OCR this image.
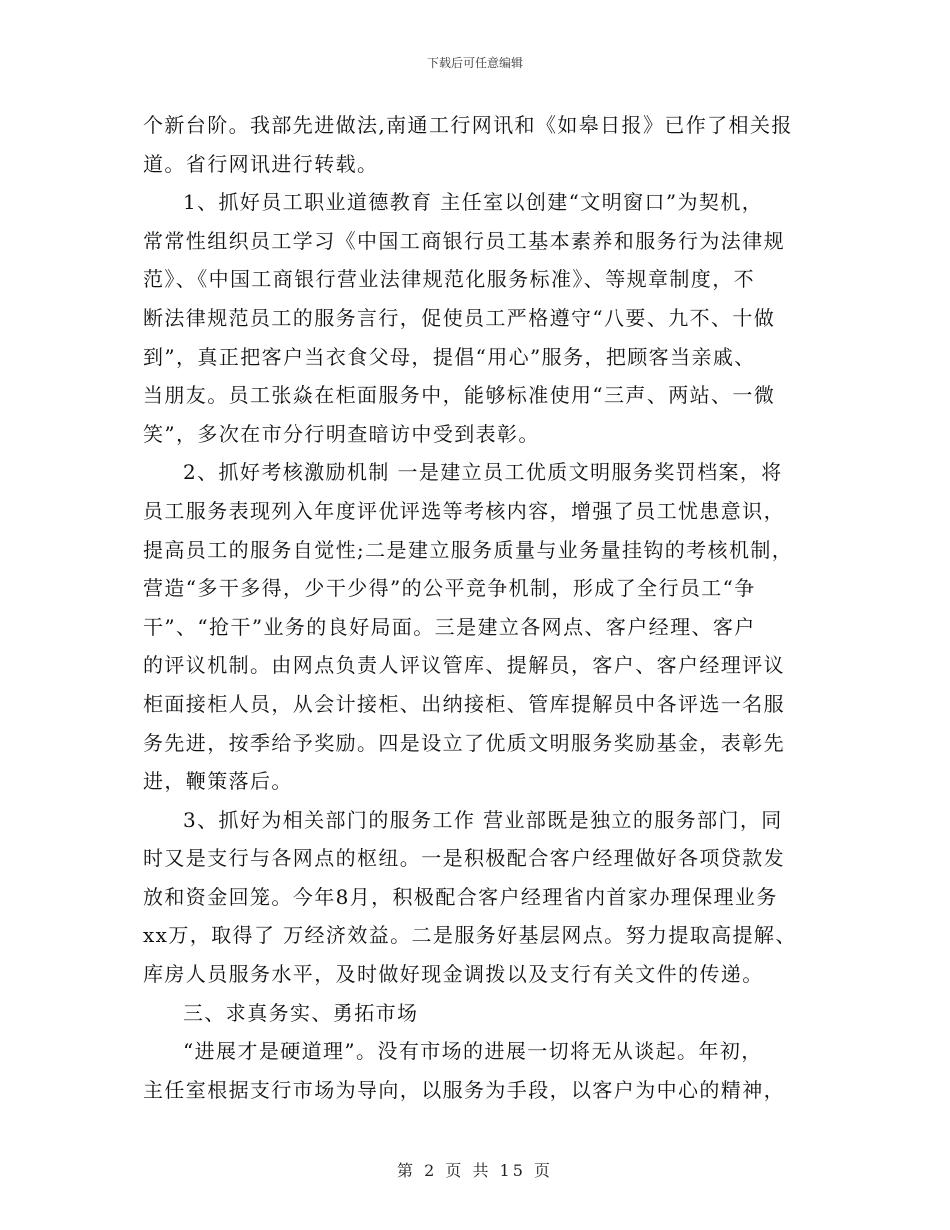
下载后可任意编辑
个新台阶。我部先进做法,南通工行网讯和《如皋日报》已作了相关报
道。省行网讯进行转载。
1、抓好员工职业道德教育 主任室以创建“文明窗口”为契机，
常常性组织员工学习《中国工商银行员工基本素养和服务行为法律规
范》、《中国工商银行营业法律规范化服务标准》、等规章制度，不
断法律规范员工的服务言行，促使员工严格遵守“八要、九不、十做
到”，真正把客户当衣食父母，提倡“用心”服务，把顾客当亲戚、
当朋友。员工张焱在柜面服务中，能够标准使用“三声、两站、一微
笑”，多次在市分行明查暗访中受到表彰。
2、抓好考核激励机制 一是建立员工优质文明服务奖罚档案，将
员工服务表现列入年度评优评选等考核内容，增强了员工忧患意识，
提高员工的服务自觉性;二是建立服务质量与业务量挂钩的考核机制，
营造“多干多得，少干少得”的公平竞争机制，形成了全行员工“争
干”、“抢干”业务的良好局面。三是建立各网点、客户经理、客户
的评议机制。由网点负责人评议管库、提解员，客户、客户经理评议
柜面接柜人员，从会计接柜、出纳接柜、管库提解员中各评选一名服
务先进，按季给予奖励。四是设立了优质文明服务奖励基金，表彰先
进，鞭策落后。
3、抓好为相关部门的服务工作 营业部既是独立的服务部门，同
时又是支行与各网点的枢纽。一是积极配合客户经理做好各项贷款发
放和资金回笼。今年8月，积极配合客户经理省内首家办理保理业务
xx万，取得了 万经济效益。二是服务好基层网点。努力提取高提解、
库房人员服务水平，及时做好现金调拨以及支行有关文件的传递。
三、求真务实、勇拓市场
“进展才是硬道理”。没有市场的进展一切将无从谈起。年初，
主任室根据支行市场为导向，以服务为手段，以客户为中心的精神，
第 2 页 共 15 页
